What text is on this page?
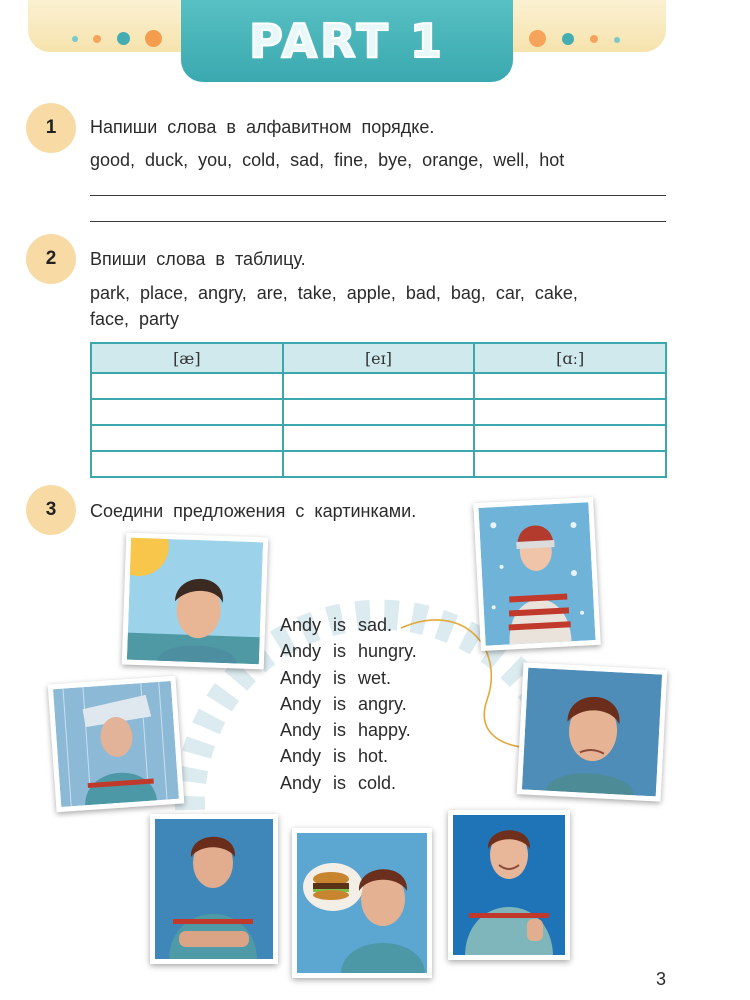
PART 1
1	Напиши слова в алфавитном порядке.
good, duck, you, cold, sad, fine, bye, orange, well, hot
2	Впиши слова в таблицу.
park, place, angry, are, take, apple, bad, bag, car, cake,
face, party
[æ]	[eɪ]	[ɑː]

3	Соедини предложения с картинками.
Andy is sad.
Andy is hungry.
Andy is wet.
Andy is angry.
Andy is happy.
Andy is hot.
Andy is cold.
3
